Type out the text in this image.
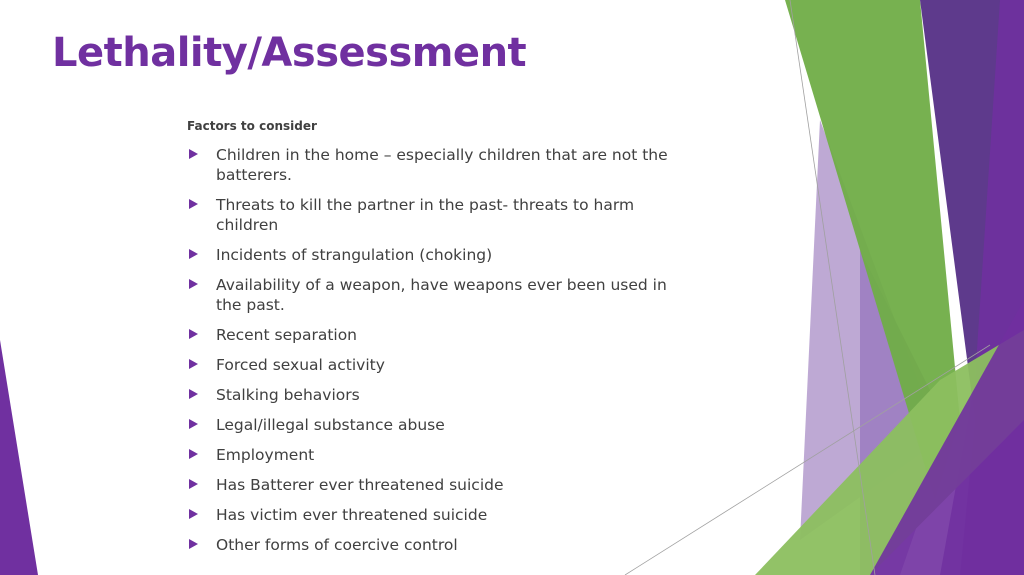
Lethality/Assessment
Factors to consider
Children in the home – especially children that are not the batterers.
Threats to kill the partner in the past- threats to harm children
Incidents of strangulation (choking)
Availability of a weapon, have weapons ever been used in the past.
Recent separation
Forced sexual activity
Stalking behaviors
Legal/illegal substance abuse
Employment
Has Batterer ever threatened suicide
Has victim ever threatened suicide
Other forms of coercive control
